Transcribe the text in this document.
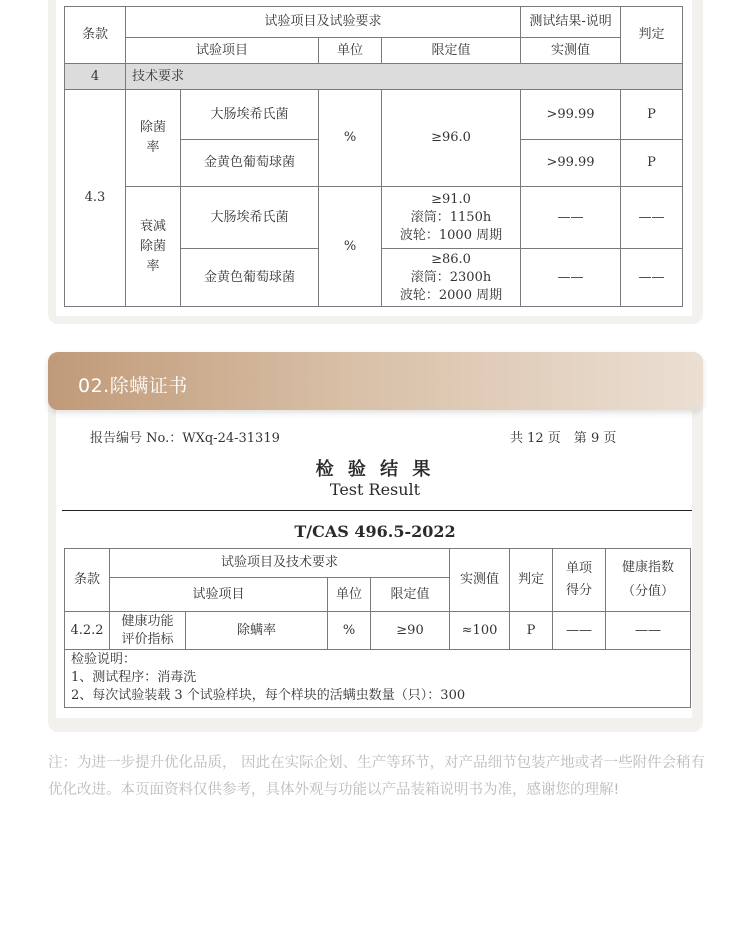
条款	试验项目及试验要求				测试结果-说明	判定
	试验项目		单位	限定值	实测值	
4	技术要求					
4.3	除菌率	大肠埃希氏菌	%	≥96.0	>99.99	P
		金黄色葡萄球菌			>99.99	P

	衰减除菌率	大肠埃希氏菌	%	≥91.0
滚筒：1150h
波轮：1000 周期	——	——
		金黄色葡萄球菌		≥86.0
滚筒：2300h
波轮：2000 周期	——	——
02.除螨证书
报告编号 No.：WXq-24-31319	共 12 页　第 9 页
检 验 结 果
Test Result
T/CAS 496.5-2022
条款	试验项目及技术要求				实测值	判定	单项得分	健康指数（分值）

	试验项目		单位	限定值				
4.2.2	健康功能评价指标	除螨率	%	≥90	≈100	P	——	——

检验说明：
1、测试程序：消毒洗
2、每次试验装载 3 个试验样块，每个样块的活螨虫数量（只）：300								
注：为进一步提升优化品质， 因此在实际企划、生产等环节，对产品细节包装产地或者一些附件会稍有优化改进。本页面资料仅供参考，具体外观与功能以产品装箱说明书为准，感谢您的理解!
